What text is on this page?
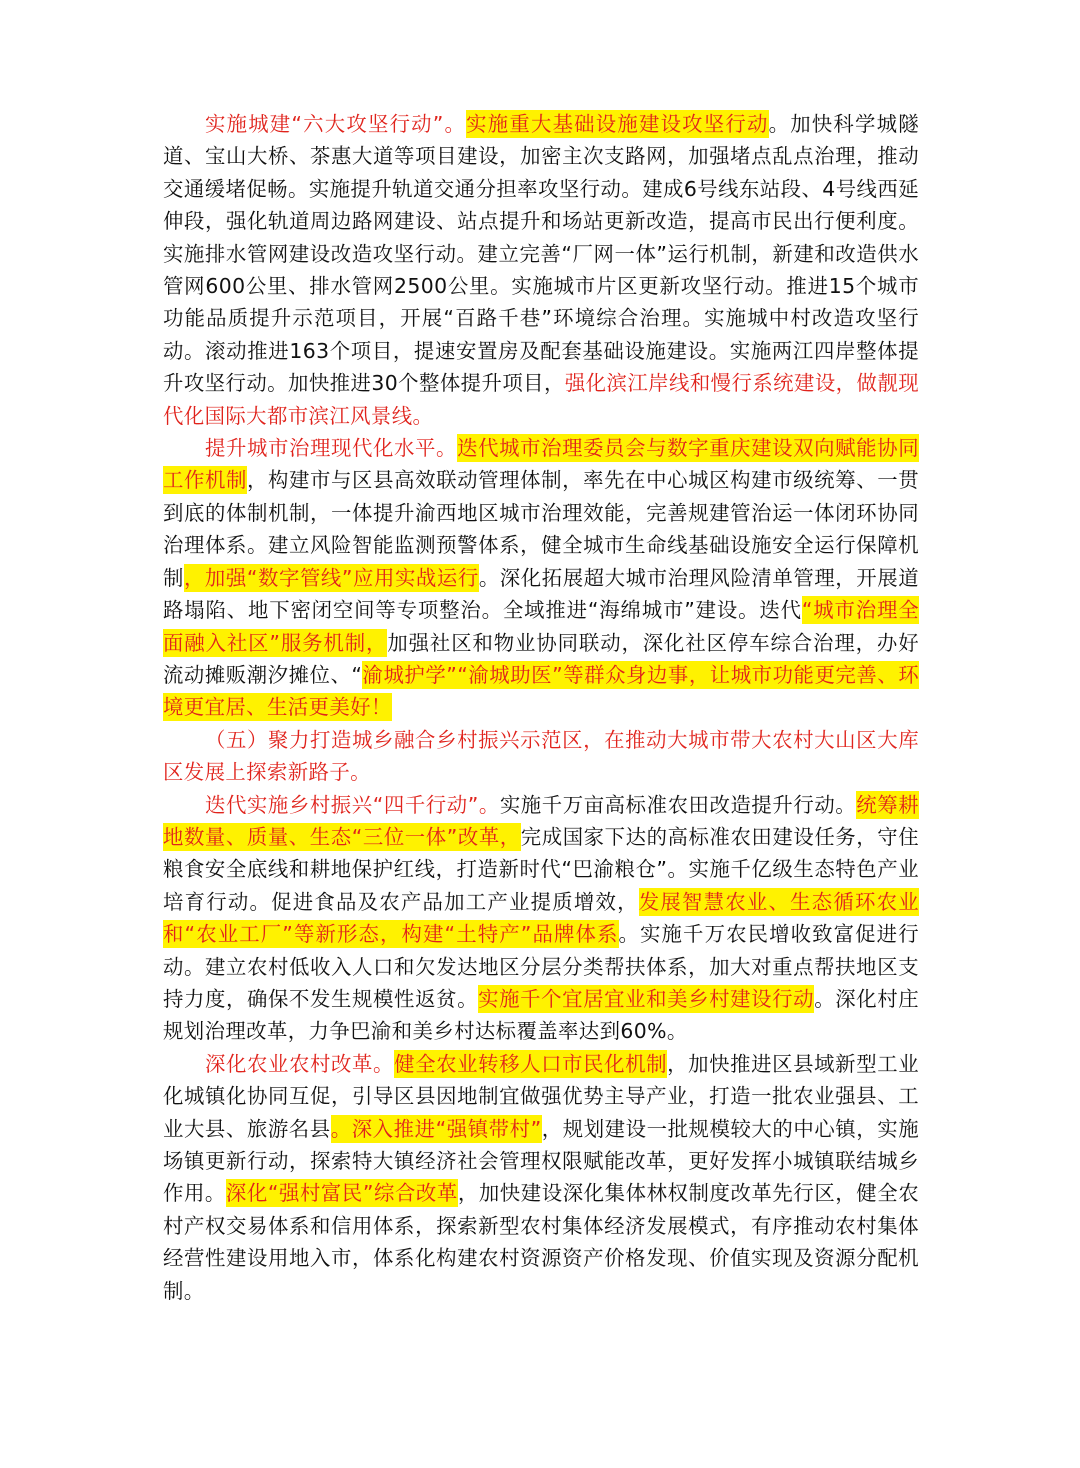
实施城建“六大攻坚行动”。实施重大基础设施建设攻坚行动。加快科学城隧道、宝山大桥、茶惠大道等项目建设，加密主次支路网，加强堵点乱点治理，推动交通缓堵促畅。实施提升轨道交通分担率攻坚行动。建成6号线东站段、4号线西延伸段，强化轨道周边路网建设、站点提升和场站更新改造，提高市民出行便利度。实施排水管网建设改造攻坚行动。建立完善“厂网一体”运行机制，新建和改造供水管网600公里、排水管网2500公里。实施城市片区更新攻坚行动。推进15个城市功能品质提升示范项目，开展“百路千巷”环境综合治理。实施城中村改造攻坚行动。滚动推进163个项目，提速安置房及配套基础设施建设。实施两江四岸整体提升攻坚行动。加快推进30个整体提升项目，强化滨江岸线和慢行系统建设，做靓现代化国际大都市滨江风景线。

提升城市治理现代化水平。迭代城市治理委员会与数字重庆建设双向赋能协同工作机制，构建市与区县高效联动管理体制，率先在中心城区构建市级统筹、一贯到底的体制机制，一体提升渝西地区城市治理效能，完善规建管治运一体闭环协同治理体系。建立风险智能监测预警体系，健全城市生命线基础设施安全运行保障机制，加强“数字管线”应用实战运行。深化拓展超大城市治理风险清单管理，开展道路塌陷、地下密闭空间等专项整治。全域推进“海绵城市”建设。迭代“城市治理全面融入社区”服务机制，加强社区和物业协同联动，深化社区停车综合治理，办好流动摊贩潮汐摊位、“渝城护学”“渝城助医”等群众身边事，让城市功能更完善、环境更宜居、生活更美好！

（五）聚力打造城乡融合乡村振兴示范区，在推动大城市带大农村大山区大库区发展上探索新路子。

迭代实施乡村振兴“四千行动”。实施千万亩高标准农田改造提升行动。统筹耕地数量、质量、生态“三位一体”改革，完成国家下达的高标准农田建设任务，守住粮食安全底线和耕地保护红线，打造新时代“巴渝粮仓”。实施千亿级生态特色产业培育行动。促进食品及农产品加工产业提质增效，发展智慧农业、生态循环农业和“农业工厂”等新形态，构建“土特产”品牌体系。实施千万农民增收致富促进行动。建立农村低收入人口和欠发达地区分层分类帮扶体系，加大对重点帮扶地区支持力度，确保不发生规模性返贫。实施千个宜居宜业和美乡村建设行动。深化村庄规划治理改革，力争巴渝和美乡村达标覆盖率达到60%。

深化农业农村改革。健全农业转移人口市民化机制，加快推进区县域新型工业化城镇化协同互促，引导区县因地制宜做强优势主导产业，打造一批农业强县、工业大县、旅游名县。深入推进“强镇带村”，规划建设一批规模较大的中心镇，实施场镇更新行动，探索特大镇经济社会管理权限赋能改革，更好发挥小城镇联结城乡作用。深化“强村富民”综合改革，加快建设深化集体林权制度改革先行区，健全农村产权交易体系和信用体系，探索新型农村集体经济发展模式，有序推动农村集体经营性建设用地入市，体系化构建农村资源资产价格发现、价值实现及资源分配机制。
